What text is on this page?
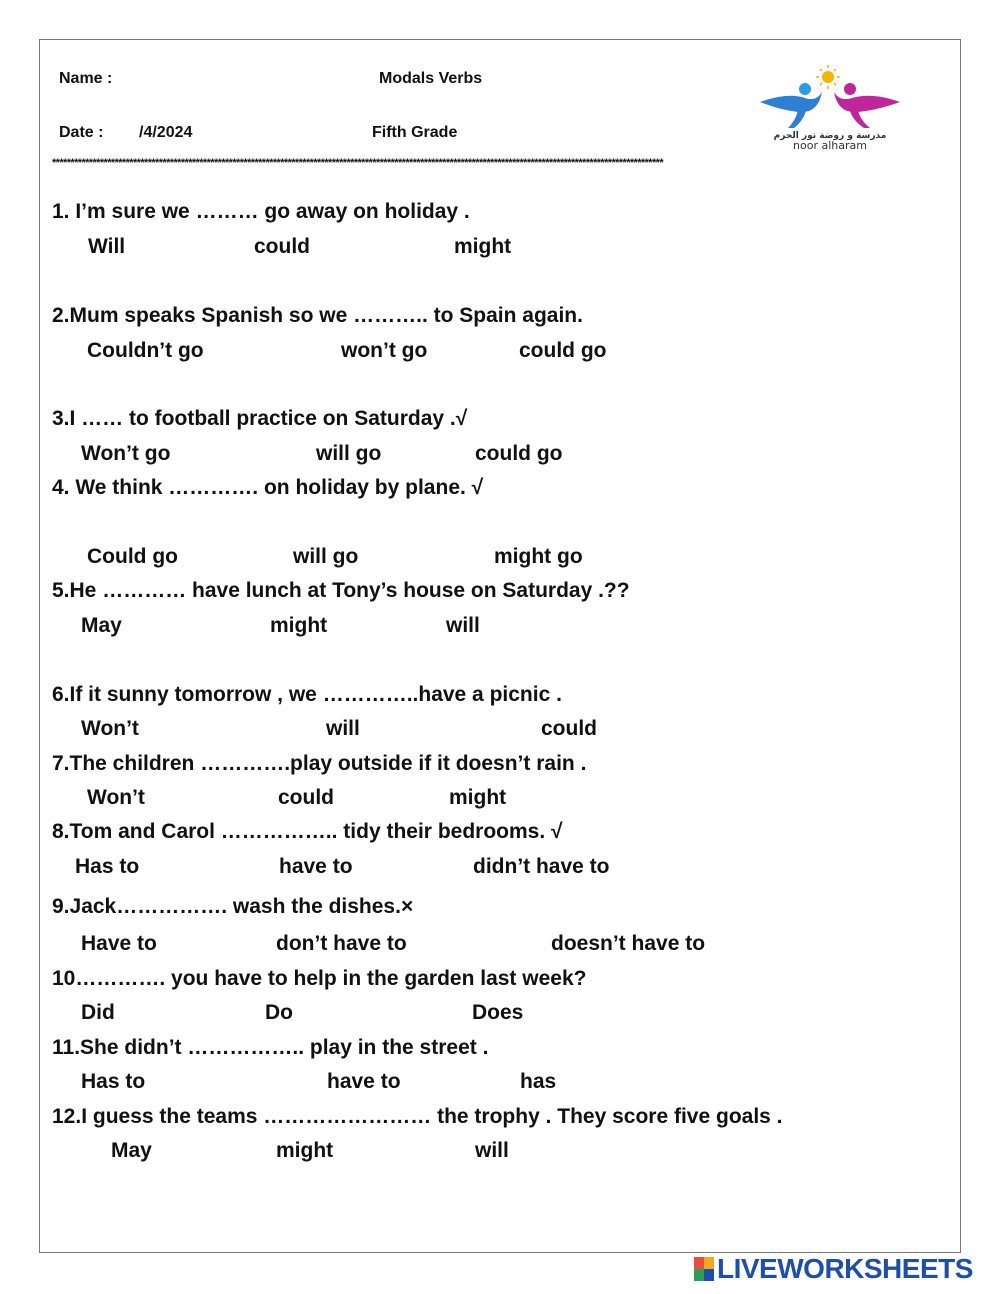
Name :	Modals Verbs
Date : /4/2024	Fifth Grade
**********************************************************************************************************************************************************************
مدرسة و روضة نور الحرم
noor alharam
1. I’m sure we ……… go away on holiday .
Will	could	might
2.Mum speaks Spanish so we ……….. to Spain again.
Couldn’t go	won’t go	could go
3.I …… to football practice on Saturday .√
Won’t go	will go	could go
4. We think …………. on holiday by plane. √
Could go	will go	might go
5.He ………… have lunch at Tony’s house on Saturday .??
May	might	will
6.If it sunny tomorrow , we …………..have a picnic .
Won’t	will	could
7.The children ………….play outside if it doesn’t rain .
Won’t	could	might
8.Tom and Carol …………….. tidy their bedrooms. √
Has to	have to	didn’t have to
9.Jack……………. wash the dishes.×
Have to	don’t have to	doesn’t have to
10…………. you have to help in the garden last week?
Did	Do	Does
11.She didn’t …………….. play in the street .
Has to	have to	has
12.I guess the teams …………………… the trophy . They score five goals .
May	might	will
LIVEWORKSHEETS
